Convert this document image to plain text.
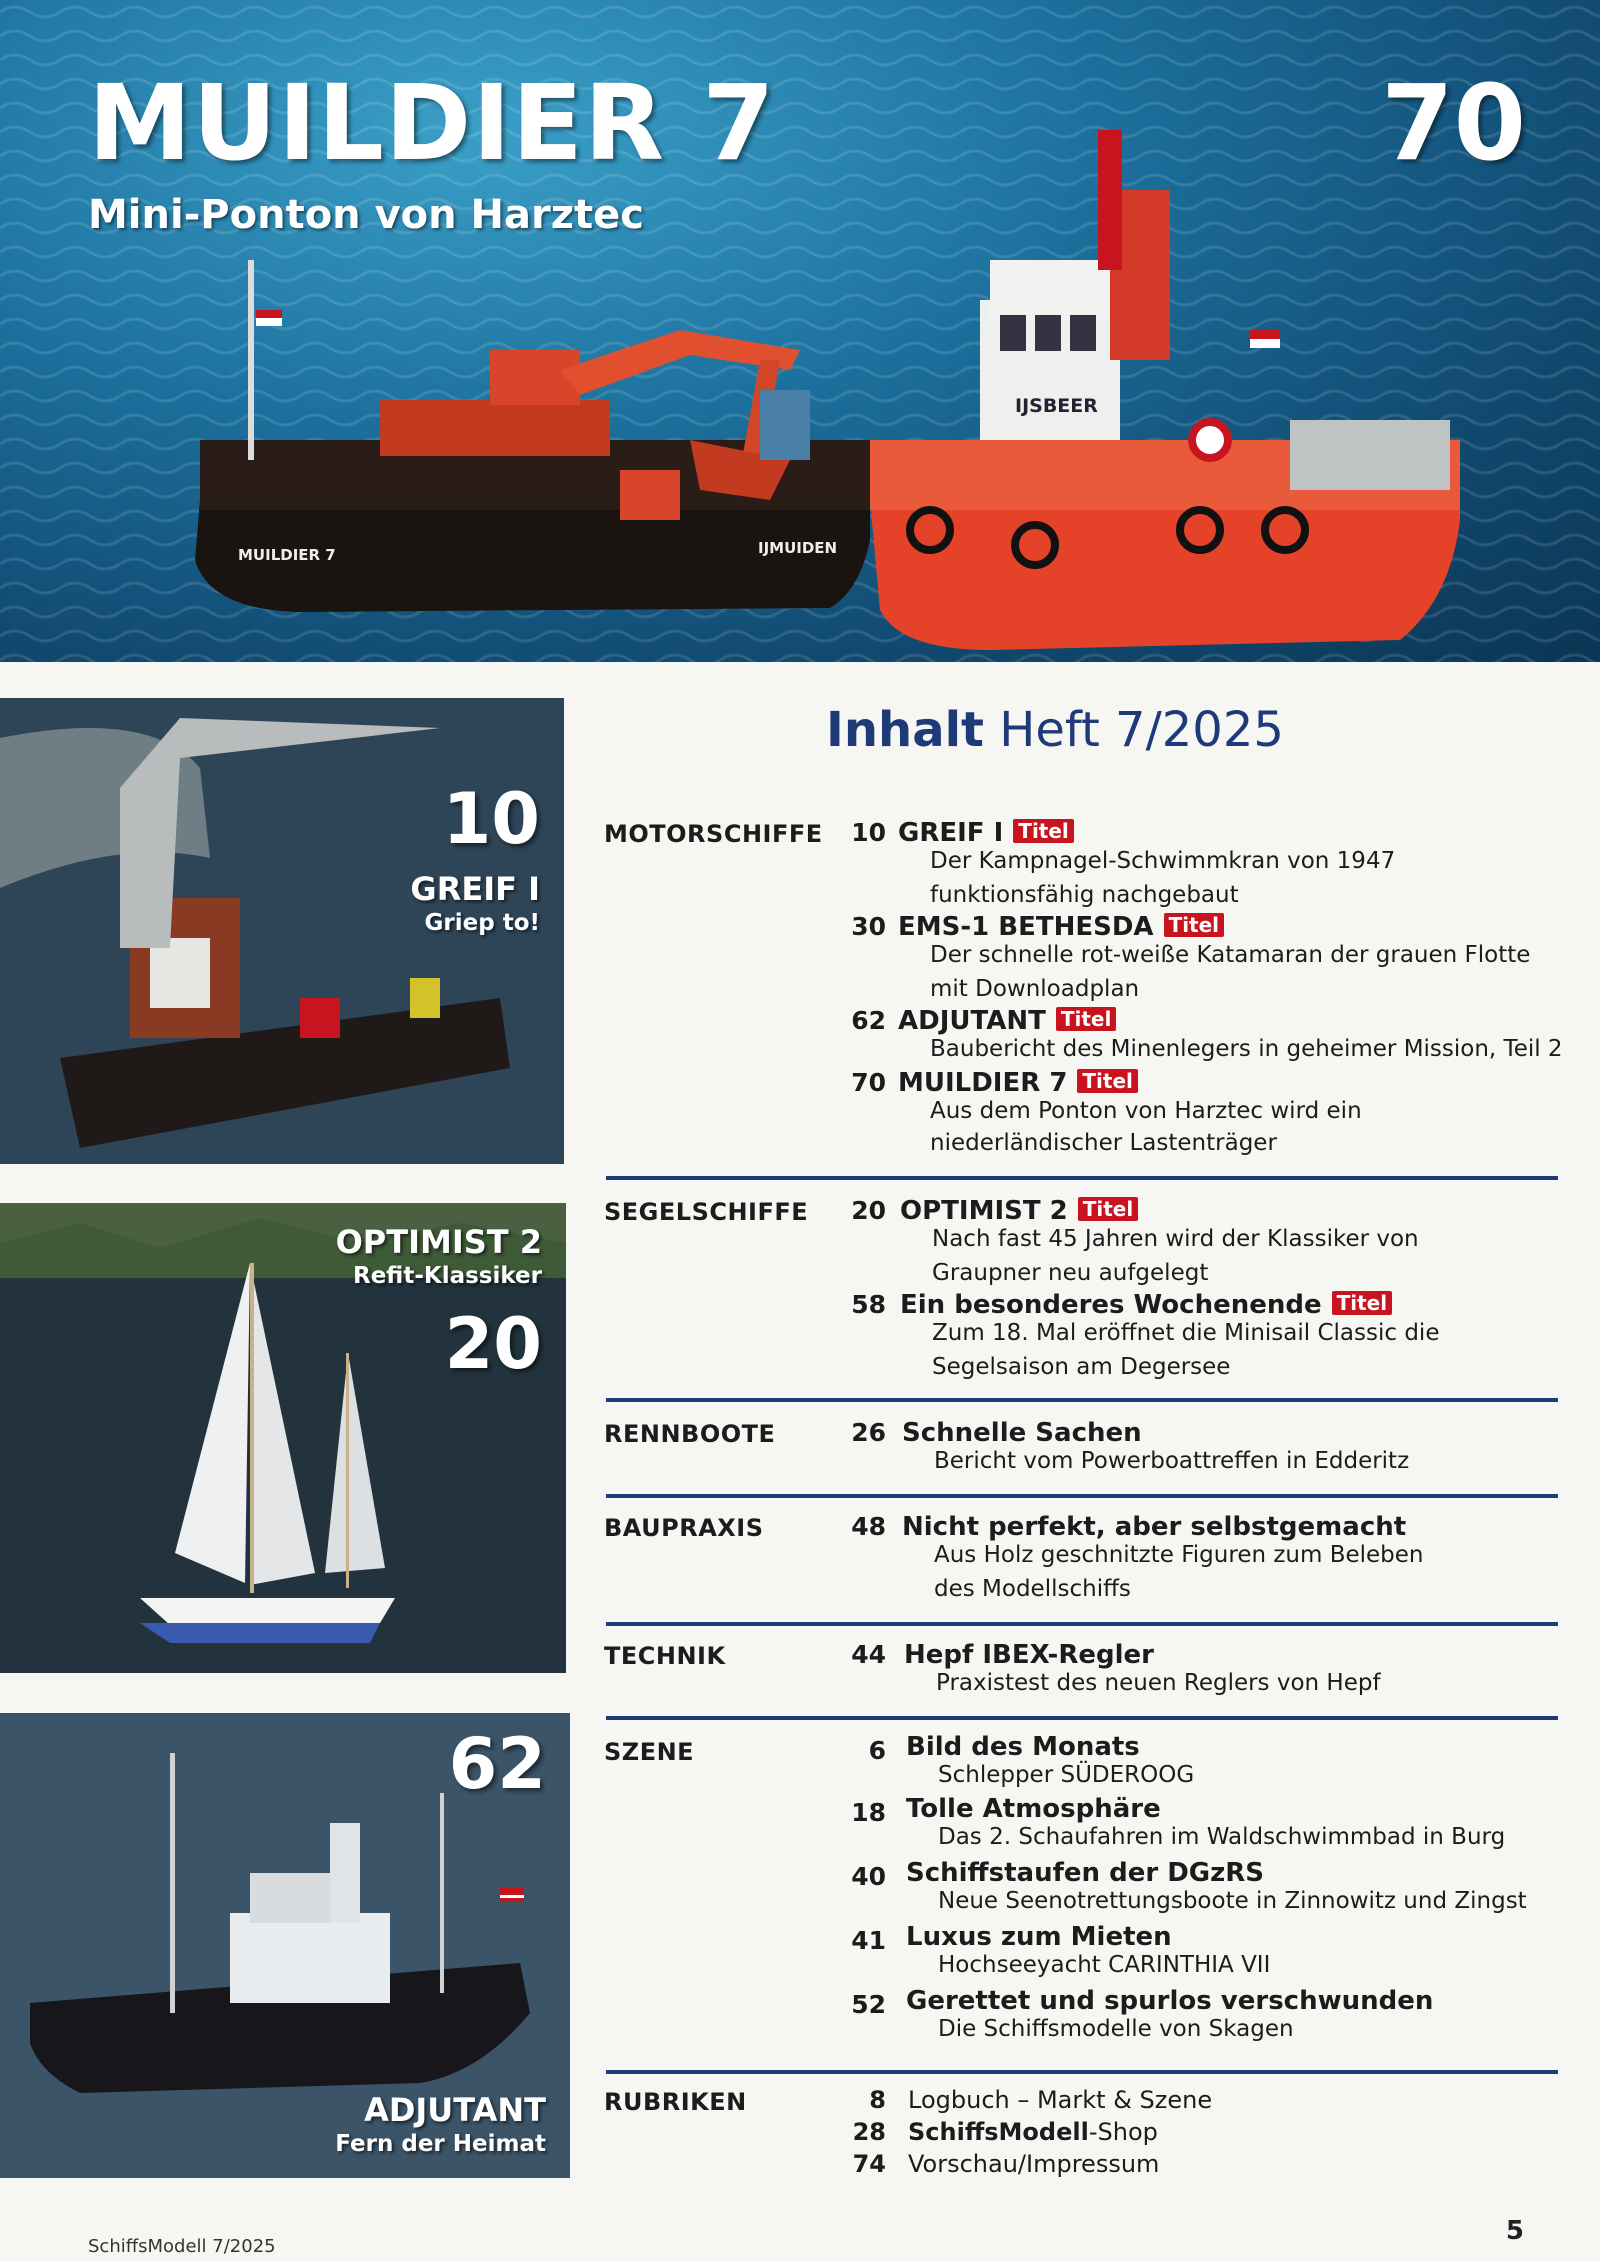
MUILDIER 7	IJMUIDEN
IJSBEER
MUILDIER 7
Mini-Ponton von Harztec
70
10
GREIF I
Griep to!
OPTIMIST 2
Refit-Klassiker
20
62
ADJUTANT
Fern der Heimat
Inhalt Heft 7/2025
MOTORSCHIFFE	10 GREIF I Titel
Der Kampnagel-Schwimmkran von 1947
funktionsfähig nachgebaut
30 EMS-1 BETHESDA Titel
Der schnelle rot-weiße Katamaran der grauen Flotte
mit Downloadplan
62 ADJUTANT Titel
Baubericht des Minenlegers in geheimer Mission, Teil 2
70 MUILDIER 7 Titel
Aus dem Ponton von Harztec wird ein
niederländischer Lastenträger
SEGELSCHIFFE	20 OPTIMIST 2 Titel
Nach fast 45 Jahren wird der Klassiker von
Graupner neu aufgelegt
58 Ein besonderes Wochenende Titel
Zum 18. Mal eröffnet die Minisail Classic die
Segelsaison am Degersee
RENNBOOTE	26 Schnelle Sachen
Bericht vom Powerboattreffen in Edderitz
BAUPRAXIS	48 Nicht perfekt, aber selbstgemacht
Aus Holz geschnitzte Figuren zum Beleben
des Modellschiffs
TECHNIK	44 Hepf IBEX-Regler
Praxistest des neuen Reglers von Hepf
SZENE	6 Bild des Monats
Schlepper SÜDEROOG
18 Tolle Atmosphäre
Das 2. Schaufahren im Waldschwimmbad in Burg
40 Schiffstaufen der DGzRS
Neue Seenotrettungsboote in Zinnowitz und Zingst
41 Luxus zum Mieten
Hochseeyacht CARINTHIA VII
52 Gerettet und spurlos verschwunden
Die Schiffsmodelle von Skagen
RUBRIKEN	8 Logbuch – Markt & Szene
28 SchiffsModell-Shop
74 Vorschau/Impressum
SchiffsModell 7/2025
5
